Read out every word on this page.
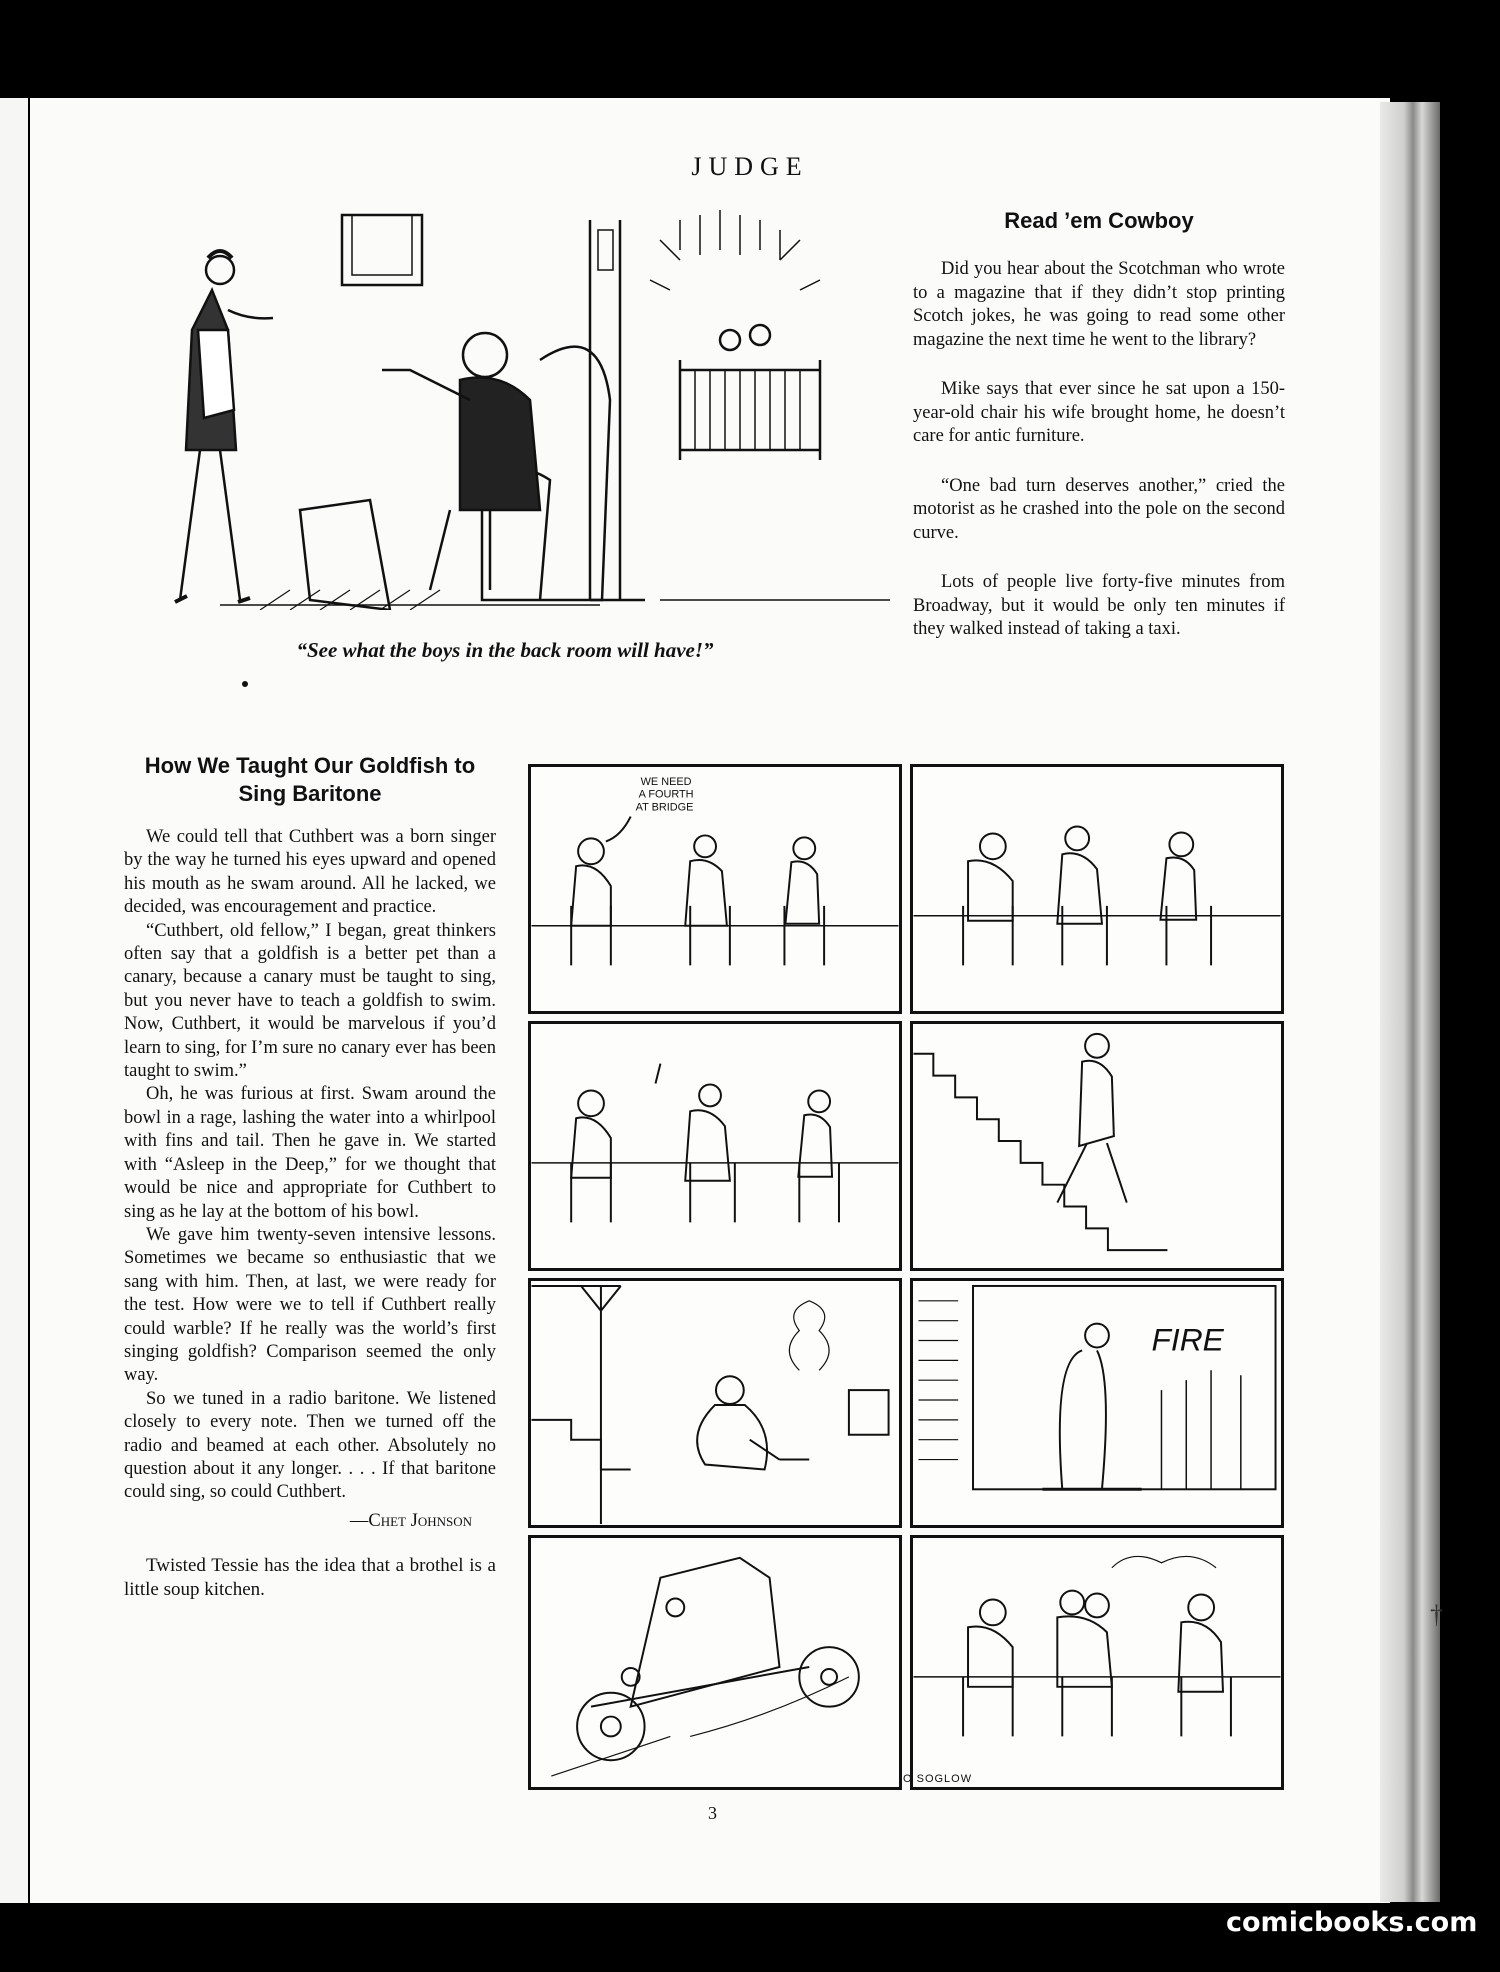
†
JUDGE
“See what the boys in the back room will have!”
Read ’em Cowboy

Did you hear about the Scotchman who wrote to a magazine that if they didn’t stop printing Scotch jokes, he was going to read some other magazine the next time he went to the library?

Mike says that ever since he sat upon a 150-year-old chair his wife brought home, he doesn’t care for antic furniture.

“One bad turn deserves another,” cried the motorist as he crashed into the pole on the second curve.

Lots of people live forty-five minutes from Broadway, but it would be only ten minutes if they walked instead of taking a taxi.

How We Taught Our Goldfish to Sing Baritone

We could tell that Cuthbert was a born singer by the way he turned his eyes upward and opened his mouth as he swam around. All he lacked, we decided, was encouragement and practice.

“Cuthbert, old fellow,” I began, great thinkers often say that a goldfish is a better pet than a canary, because a canary must be taught to sing, but you never have to teach a goldfish to swim. Now, Cuthbert, it would be marvelous if you’d learn to sing, for I’m sure no canary ever has been taught to swim.”

Oh, he was furious at first. Swam around the bowl in a rage, lashing the water into a whirlpool with fins and tail. Then he gave in. We started with “Asleep in the Deep,” for we thought that would be nice and appropriate for Cuthbert to sing as he lay at the bottom of his bowl.

We gave him twenty-seven intensive lessons. Sometimes we became so enthusiastic that we sang with him. Then, at last, we were ready for the test. How were we to tell if Cuthbert really could warble? If he really was the world’s first singing goldfish? Comparison seemed the only way.

So we tuned in a radio baritone. We listened closely to every note. Then we turned off the radio and beamed at each other. Absolutely no question about it any longer. . . . If that baritone could sing, so could Cuthbert.

—Chet Johnson

Twisted Tessie has the idea that a brothel is a little soup kitchen.

WE NEED
A FOURTH
AT BRIDGE
FIRE
O SOGLOW
3
comicbooks.com
